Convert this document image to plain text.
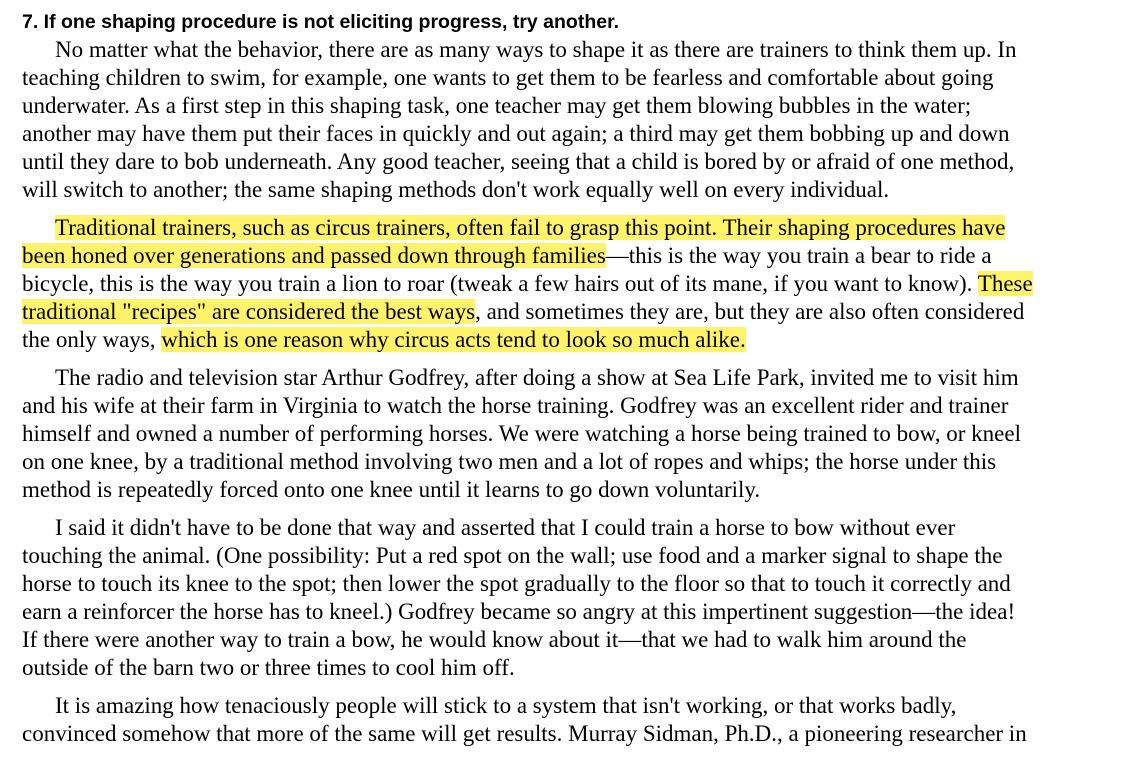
7. If one shaping procedure is not eliciting progress, try another.

No matter what the behavior, there are as many ways to shape it as there are trainers to think them up. In
teaching children to swim, for example, one wants to get them to be fearless and comfortable about going
underwater. As a first step in this shaping task, one teacher may get them blowing bubbles in the water;
another may have them put their faces in quickly and out again; a third may get them bobbing up and down
until they dare to bob underneath. Any good teacher, seeing that a child is bored by or afraid of one method,
will switch to another; the same shaping methods don't work equally well on every individual.

Traditional trainers, such as circus trainers, often fail to grasp this point. Their shaping procedures have
been honed over generations and passed down through families—this is the way you train a bear to ride a
bicycle, this is the way you train a lion to roar (tweak a few hairs out of its mane, if you want to know). These
traditional "recipes" are considered the best ways, and sometimes they are, but they are also often considered
the only ways, which is one reason why circus acts tend to look so much alike.

The radio and television star Arthur Godfrey, after doing a show at Sea Life Park, invited me to visit him
and his wife at their farm in Virginia to watch the horse training. Godfrey was an excellent rider and trainer
himself and owned a number of performing horses. We were watching a horse being trained to bow, or kneel
on one knee, by a traditional method involving two men and a lot of ropes and whips; the horse under this
method is repeatedly forced onto one knee until it learns to go down voluntarily.

I said it didn't have to be done that way and asserted that I could train a horse to bow without ever
touching the animal. (One possibility: Put a red spot on the wall; use food and a marker signal to shape the
horse to touch its knee to the spot; then lower the spot gradually to the floor so that to touch it correctly and
earn a reinforcer the horse has to kneel.) Godfrey became so angry at this impertinent suggestion—the idea!
If there were another way to train a bow, he would know about it—that we had to walk him around the
outside of the barn two or three times to cool him off.

It is amazing how tenaciously people will stick to a system that isn't working, or that works badly,
convinced somehow that more of the same will get results. Murray Sidman, Ph.D., a pioneering researcher in
